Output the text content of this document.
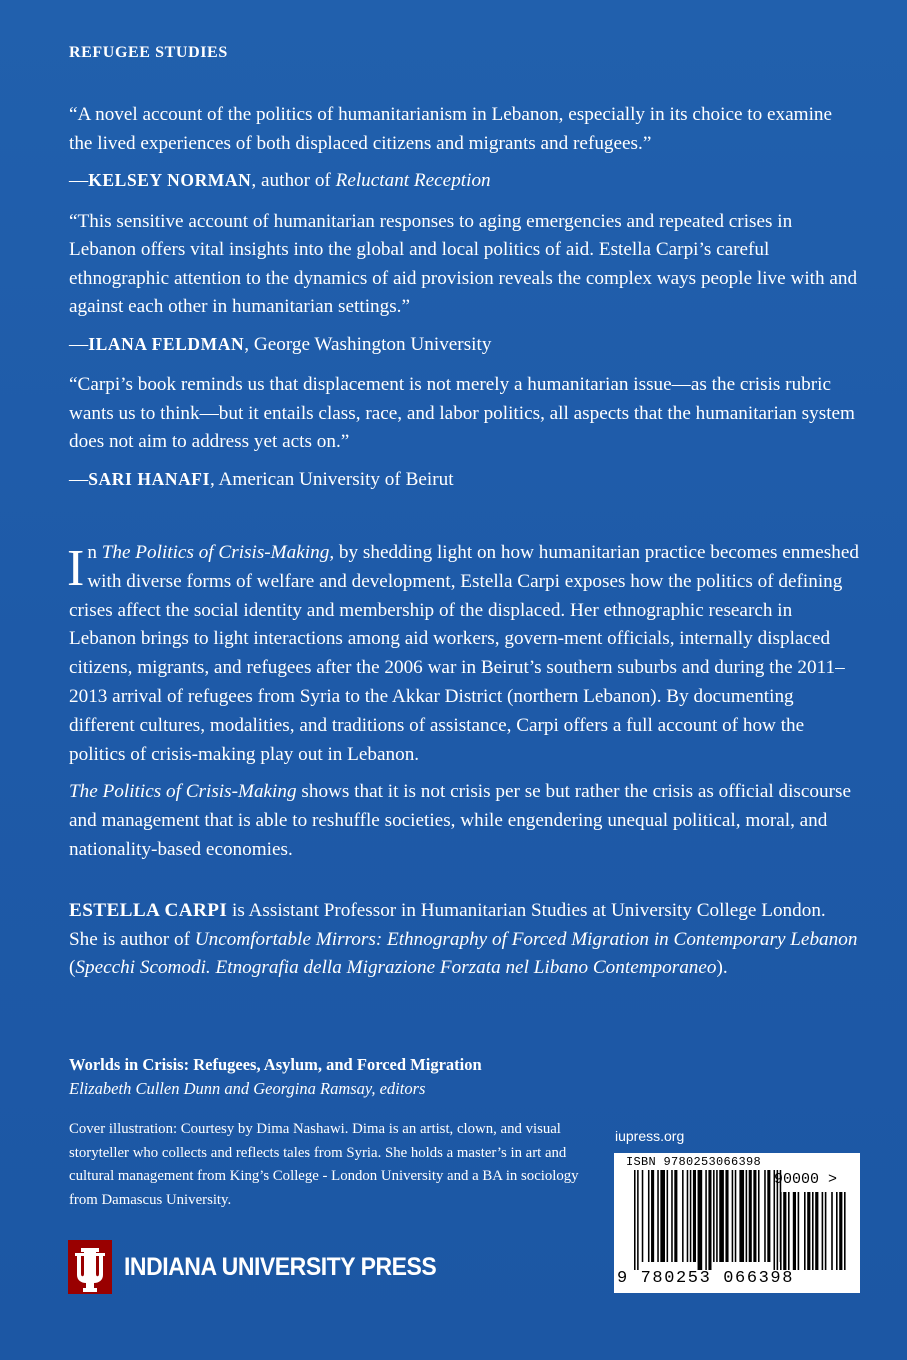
REFUGEE STUDIES

“A novel account of the politics of humanitarianism in Lebanon, especially in its choice to examine the lived experiences of both displaced citizens and migrants and refugees.”

—KELSEY NORMAN, author of Reluctant Reception

“This sensitive account of humanitarian responses to aging emergencies and repeated crises in Lebanon offers vital insights into the global and local politics of aid. Estella Carpi’s careful ethnographic attention to the dynamics of aid provision reveals the complex ways people live with and against each other in humanitarian settings.”

—ILANA FELDMAN, George Washington University

“Carpi’s book reminds us that displacement is not merely a humanitarian issue—as the crisis rubric wants us to think—but it entails class, race, and labor politics, all aspects that the humanitarian system does not aim to address yet acts on.”

—SARI HANAFI, American University of Beirut

In The Politics of Crisis-Making, by shedding light on how humanitarian practice becomes enmeshed with diverse forms of welfare and development, Estella Carpi exposes how the politics of defining crises affect the social identity and membership of the displaced. Her ethnographic research in Lebanon brings to light interactions among aid workers, govern-ment officials, internally displaced citizens, migrants, and refugees after the 2006 war in Beirut’s southern suburbs and during the 2011–2013 arrival of refugees from Syria to the Akkar District (northern Lebanon). By documenting different cultures, modalities, and traditions of assistance, Carpi offers a full account of how the politics of crisis-making play out in Lebanon.

The Politics of Crisis-Making shows that it is not crisis per se but rather the crisis as official discourse and management that is able to reshuffle societies, while engendering unequal political, moral, and nationality-based economies.

ESTELLA CARPI is Assistant Professor in Humanitarian Studies at University College London. She is author of Uncomfortable Mirrors: Ethnography of Forced Migration in Contemporary Lebanon (Specchi Scomodi. Etnografia della Migrazione Forzata nel Libano Contemporaneo).
Worlds in Crisis: Refugees, Asylum, and Forced Migration
Elizabeth Cullen Dunn and Georgina Ramsay, editors
Cover illustration: Courtesy by Dima Nashawi. Dima is an artist, clown, and visual storyteller who collects and reflects tales from Syria. She holds a master’s in art and cultural management from King’s College - London University and a BA in sociology from Damascus University.
iupress.org
ISBN 9780253066398
90000 >
9 780253 066398
INDIANA UNIVERSITY PRESS
